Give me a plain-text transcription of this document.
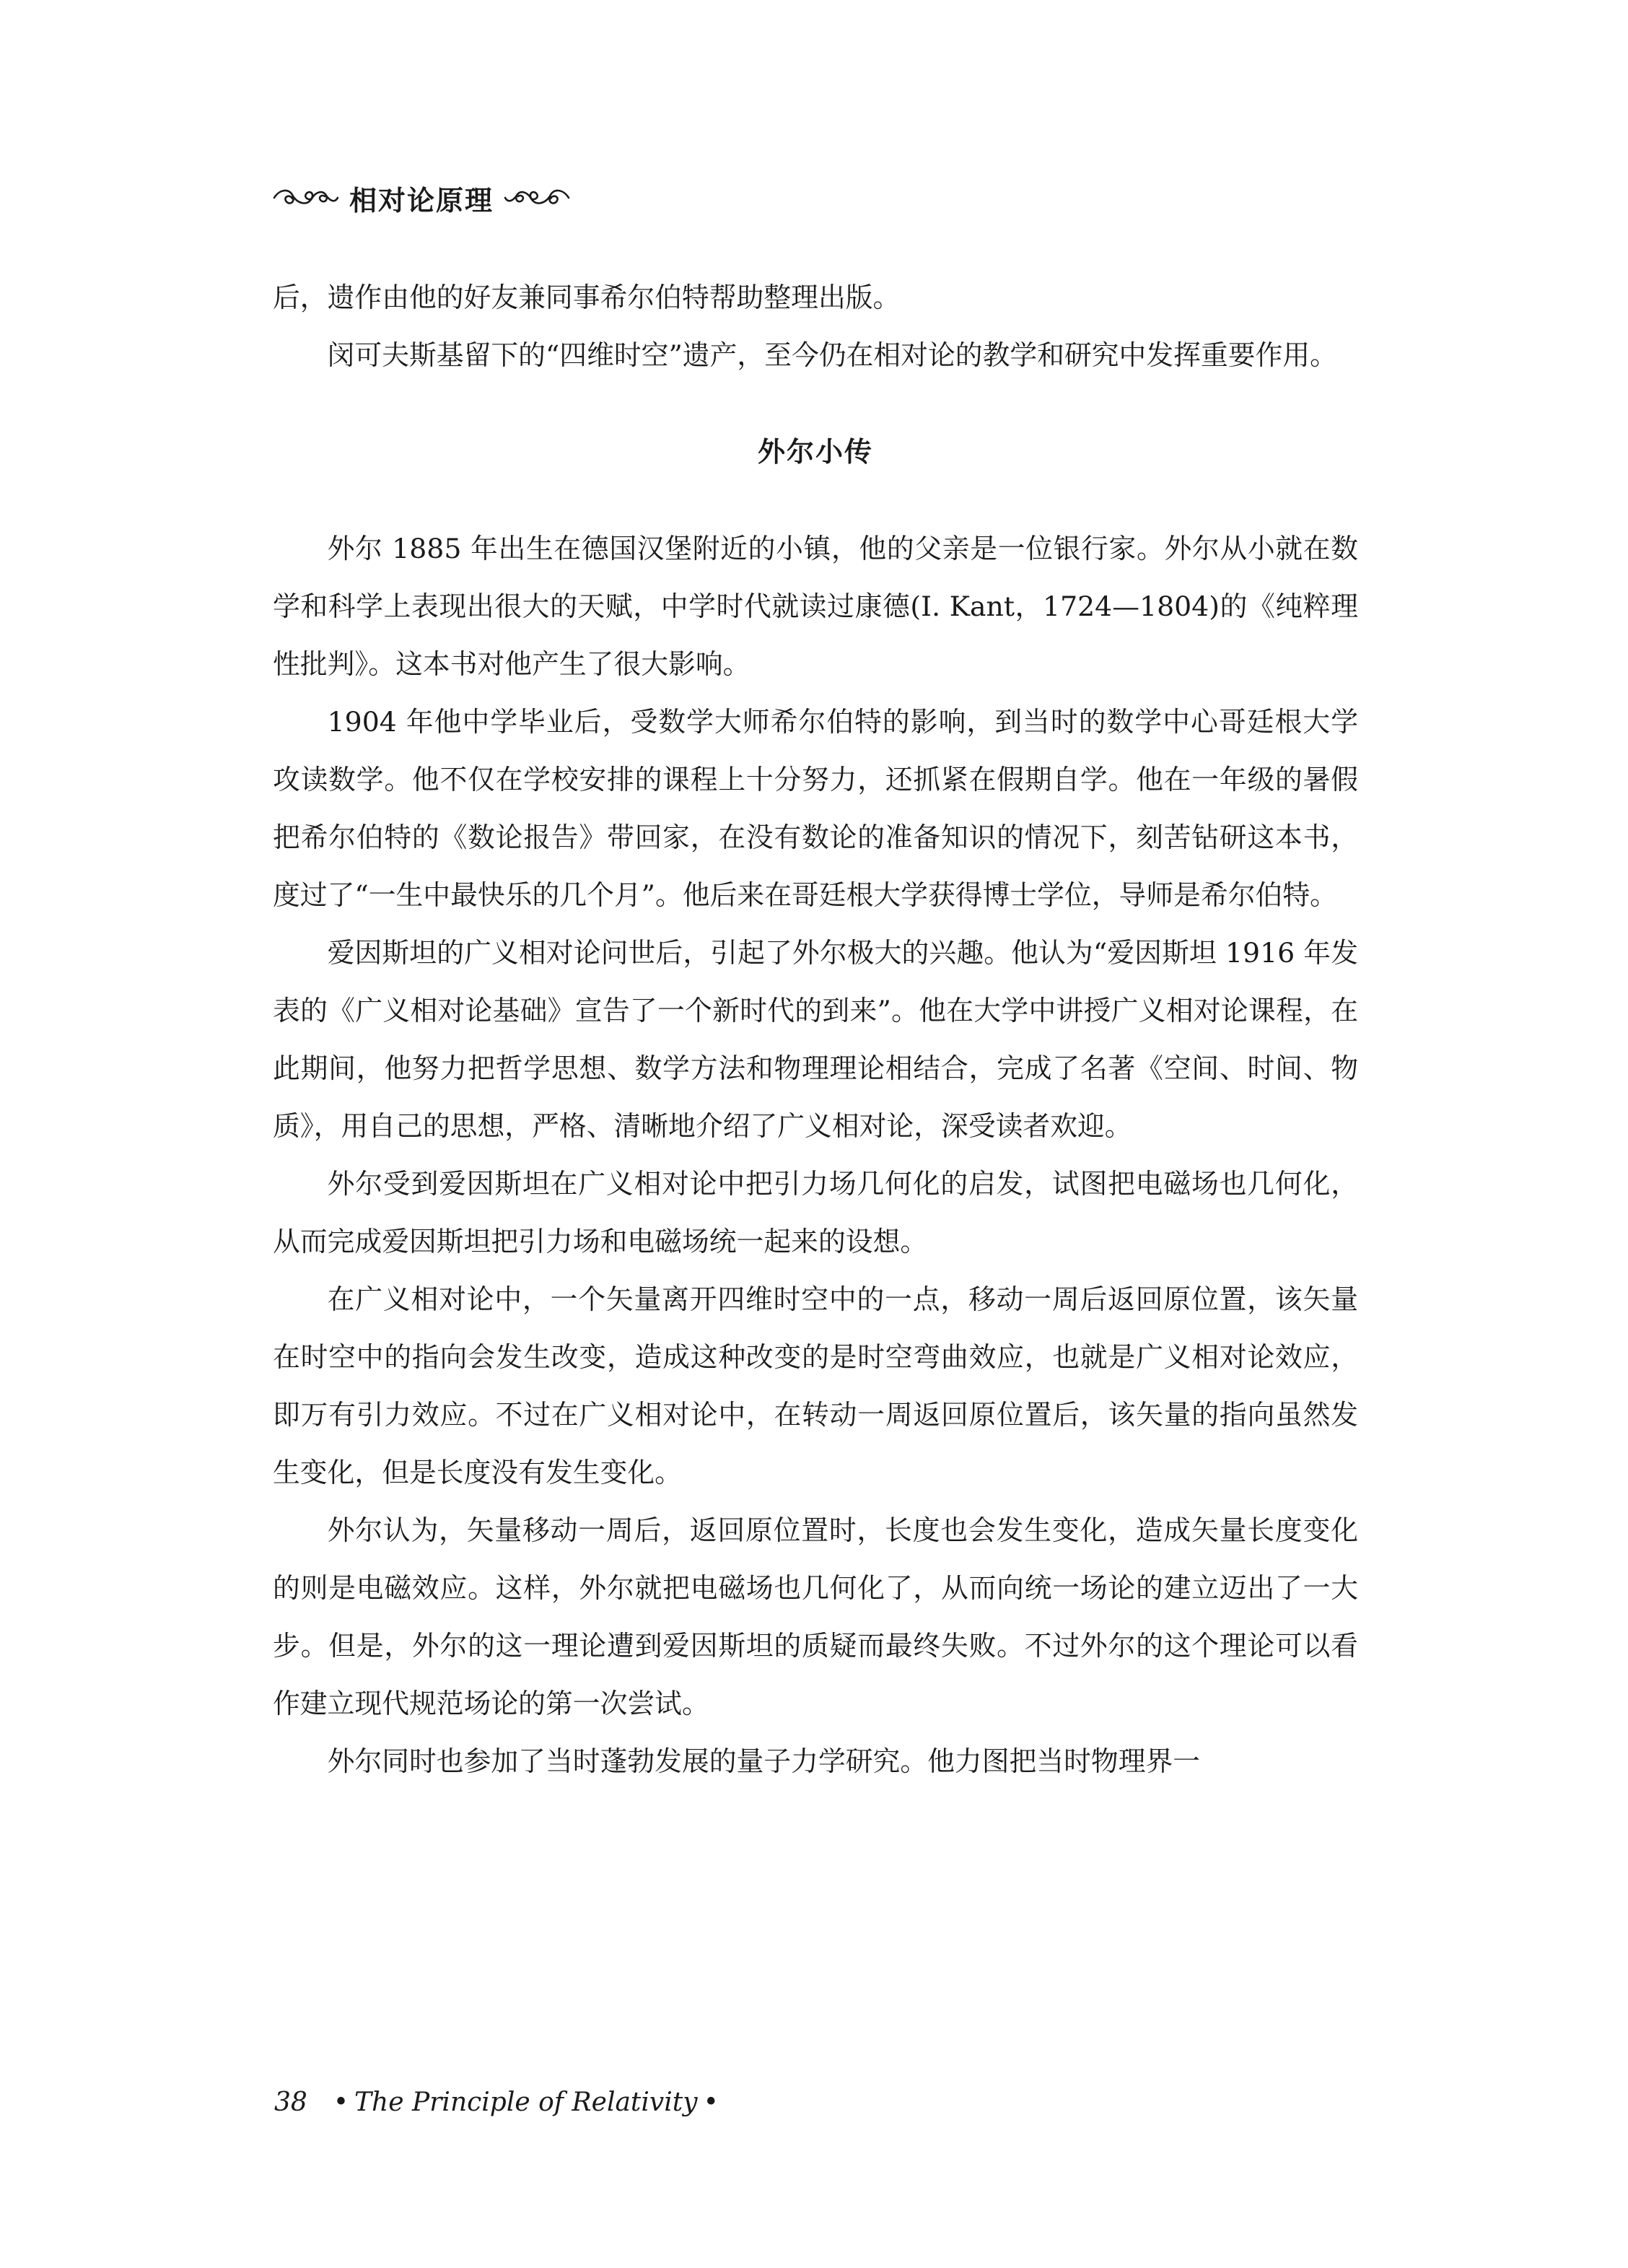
相对论原理

后，遗作由他的好友兼同事希尔伯特帮助整理出版。

闵可夫斯基留下的“四维时空”遗产，至今仍在相对论的教学和研究中发挥重要作用。

外尔小传

外尔 1885 年出生在德国汉堡附近的小镇，他的父亲是一位银行家。外尔从小就在数学和科学上表现出很大的天赋，中学时代就读过康德(I. Kant，1724—1804)的《纯粹理性批判》。这本书对他产生了很大影响。

1904 年他中学毕业后，受数学大师希尔伯特的影响，到当时的数学中心哥廷根大学攻读数学。他不仅在学校安排的课程上十分努力，还抓紧在假期自学。他在一年级的暑假把希尔伯特的《数论报告》带回家，在没有数论的准备知识的情况下，刻苦钻研这本书，度过了“一生中最快乐的几个月”。他后来在哥廷根大学获得博士学位，导师是希尔伯特。

爱因斯坦的广义相对论问世后，引起了外尔极大的兴趣。他认为“爱因斯坦 1916 年发表的《广义相对论基础》宣告了一个新时代的到来”。他在大学中讲授广义相对论课程，在此期间，他努力把哲学思想、数学方法和物理理论相结合，完成了名著《空间、时间、物质》，用自己的思想，严格、清晰地介绍了广义相对论，深受读者欢迎。

外尔受到爱因斯坦在广义相对论中把引力场几何化的启发，试图把电磁场也几何化，从而完成爱因斯坦把引力场和电磁场统一起来的设想。

在广义相对论中，一个矢量离开四维时空中的一点，移动一周后返回原位置，该矢量在时空中的指向会发生改变，造成这种改变的是时空弯曲效应，也就是广义相对论效应，即万有引力效应。不过在广义相对论中，在转动一周返回原位置后，该矢量的指向虽然发生变化，但是长度没有发生变化。

外尔认为，矢量移动一周后，返回原位置时，长度也会发生变化，造成矢量长度变化的则是电磁效应。这样，外尔就把电磁场也几何化了，从而向统一场论的建立迈出了一大步。但是，外尔的这一理论遭到爱因斯坦的质疑而最终失败。不过外尔的这个理论可以看作建立现代规范场论的第一次尝试。

外尔同时也参加了当时蓬勃发展的量子力学研究。他力图把当时物理界一

38 • The Principle of Relativity •
